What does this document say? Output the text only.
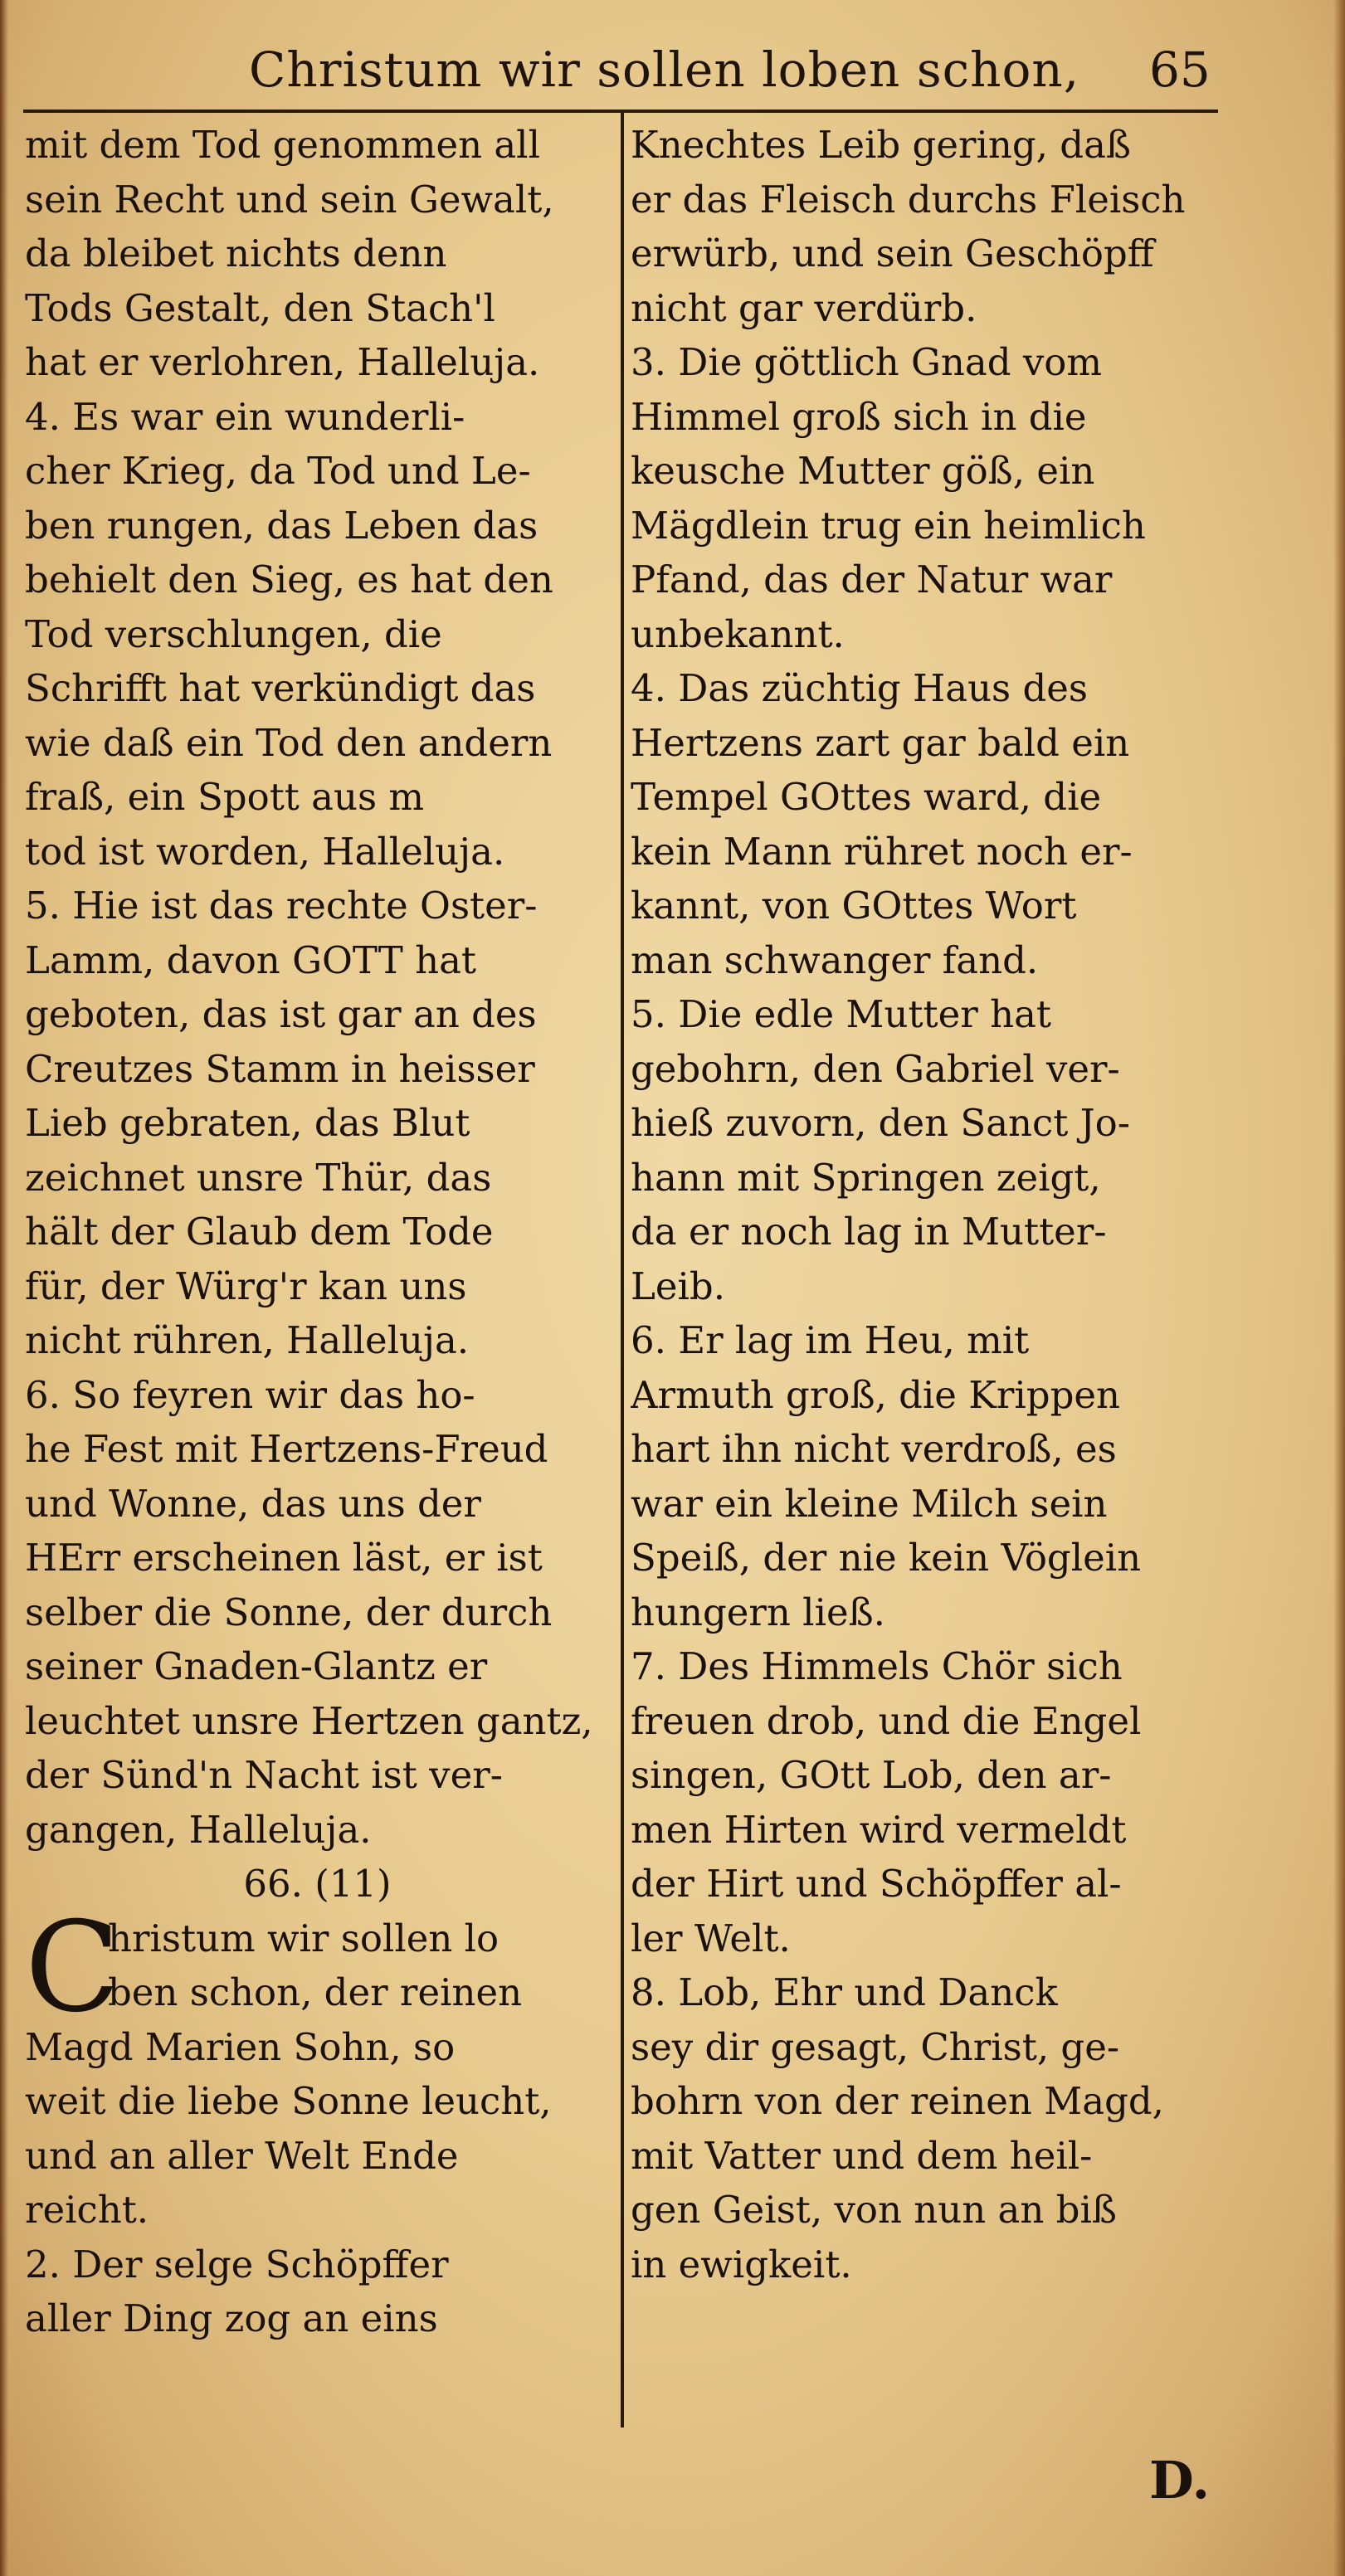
Christum wir sollen loben schon, 65
mit dem Tod genommen all
sein Recht und sein Gewalt,
da bleibet nichts denn
Tods Gestalt, den Stach'l
hat er verlohren, Halleluja.
4. Es war ein wunderli-
cher Krieg, da Tod und Le-
ben rungen, das Leben das
behielt den Sieg, es hat den
Tod verschlungen, die
Schrifft hat verkündigt das
wie daß ein Tod den andern
fraß, ein Spott aus m
tod ist worden, Halleluja.
5. Hie ist das rechte Oster-
Lamm, davon GOTT hat
geboten, das ist gar an des
Creutzes Stamm in heisser
Lieb gebraten, das Blut
zeichnet unsre Thür, das
hält der Glaub dem Tode
für, der Würg'r kan uns
nicht rühren, Halleluja.
6. So feyren wir das ho-
he Fest mit Hertzens-Freud
und Wonne, das uns der
HErr erscheinen läst, er ist
selber die Sonne, der durch
seiner Gnaden-Glantz er
leuchtet unsre Hertzen gantz,
der Sünd'n Nacht ist ver-
gangen, Halleluja.
66. (11)
C
hristum wir sollen lo
ben schon, der reinen
Magd Marien Sohn, so
weit die liebe Sonne leucht,
und an aller Welt Ende
reicht.
2. Der selge Schöpffer
aller Ding zog an eins
Knechtes Leib gering, daß
er das Fleisch durchs Fleisch
erwürb, und sein Geschöpff
nicht gar verdürb.
3. Die göttlich Gnad vom
Himmel groß sich in die
keusche Mutter göß, ein
Mägdlein trug ein heimlich
Pfand, das der Natur war
unbekannt.
4. Das züchtig Haus des
Hertzens zart gar bald ein
Tempel GOttes ward, die
kein Mann rühret noch er-
kannt, von GOttes Wort
man schwanger fand.
5. Die edle Mutter hat
gebohrn, den Gabriel ver-
hieß zuvorn, den Sanct Jo-
hann mit Springen zeigt,
da er noch lag in Mutter-
Leib.
6. Er lag im Heu, mit
Armuth groß, die Krippen
hart ihn nicht verdroß, es
war ein kleine Milch sein
Speiß, der nie kein Vöglein
hungern ließ.
7. Des Himmels Chör sich
freuen drob, und die Engel
singen, GOtt Lob, den ar-
men Hirten wird vermeldt
der Hirt und Schöpffer al-
ler Welt.
8. Lob, Ehr und Danck
sey dir gesagt, Christ, ge-
bohrn von der reinen Magd,
mit Vatter und dem heil-
gen Geist, von nun an biß
in ewigkeit.
D.
